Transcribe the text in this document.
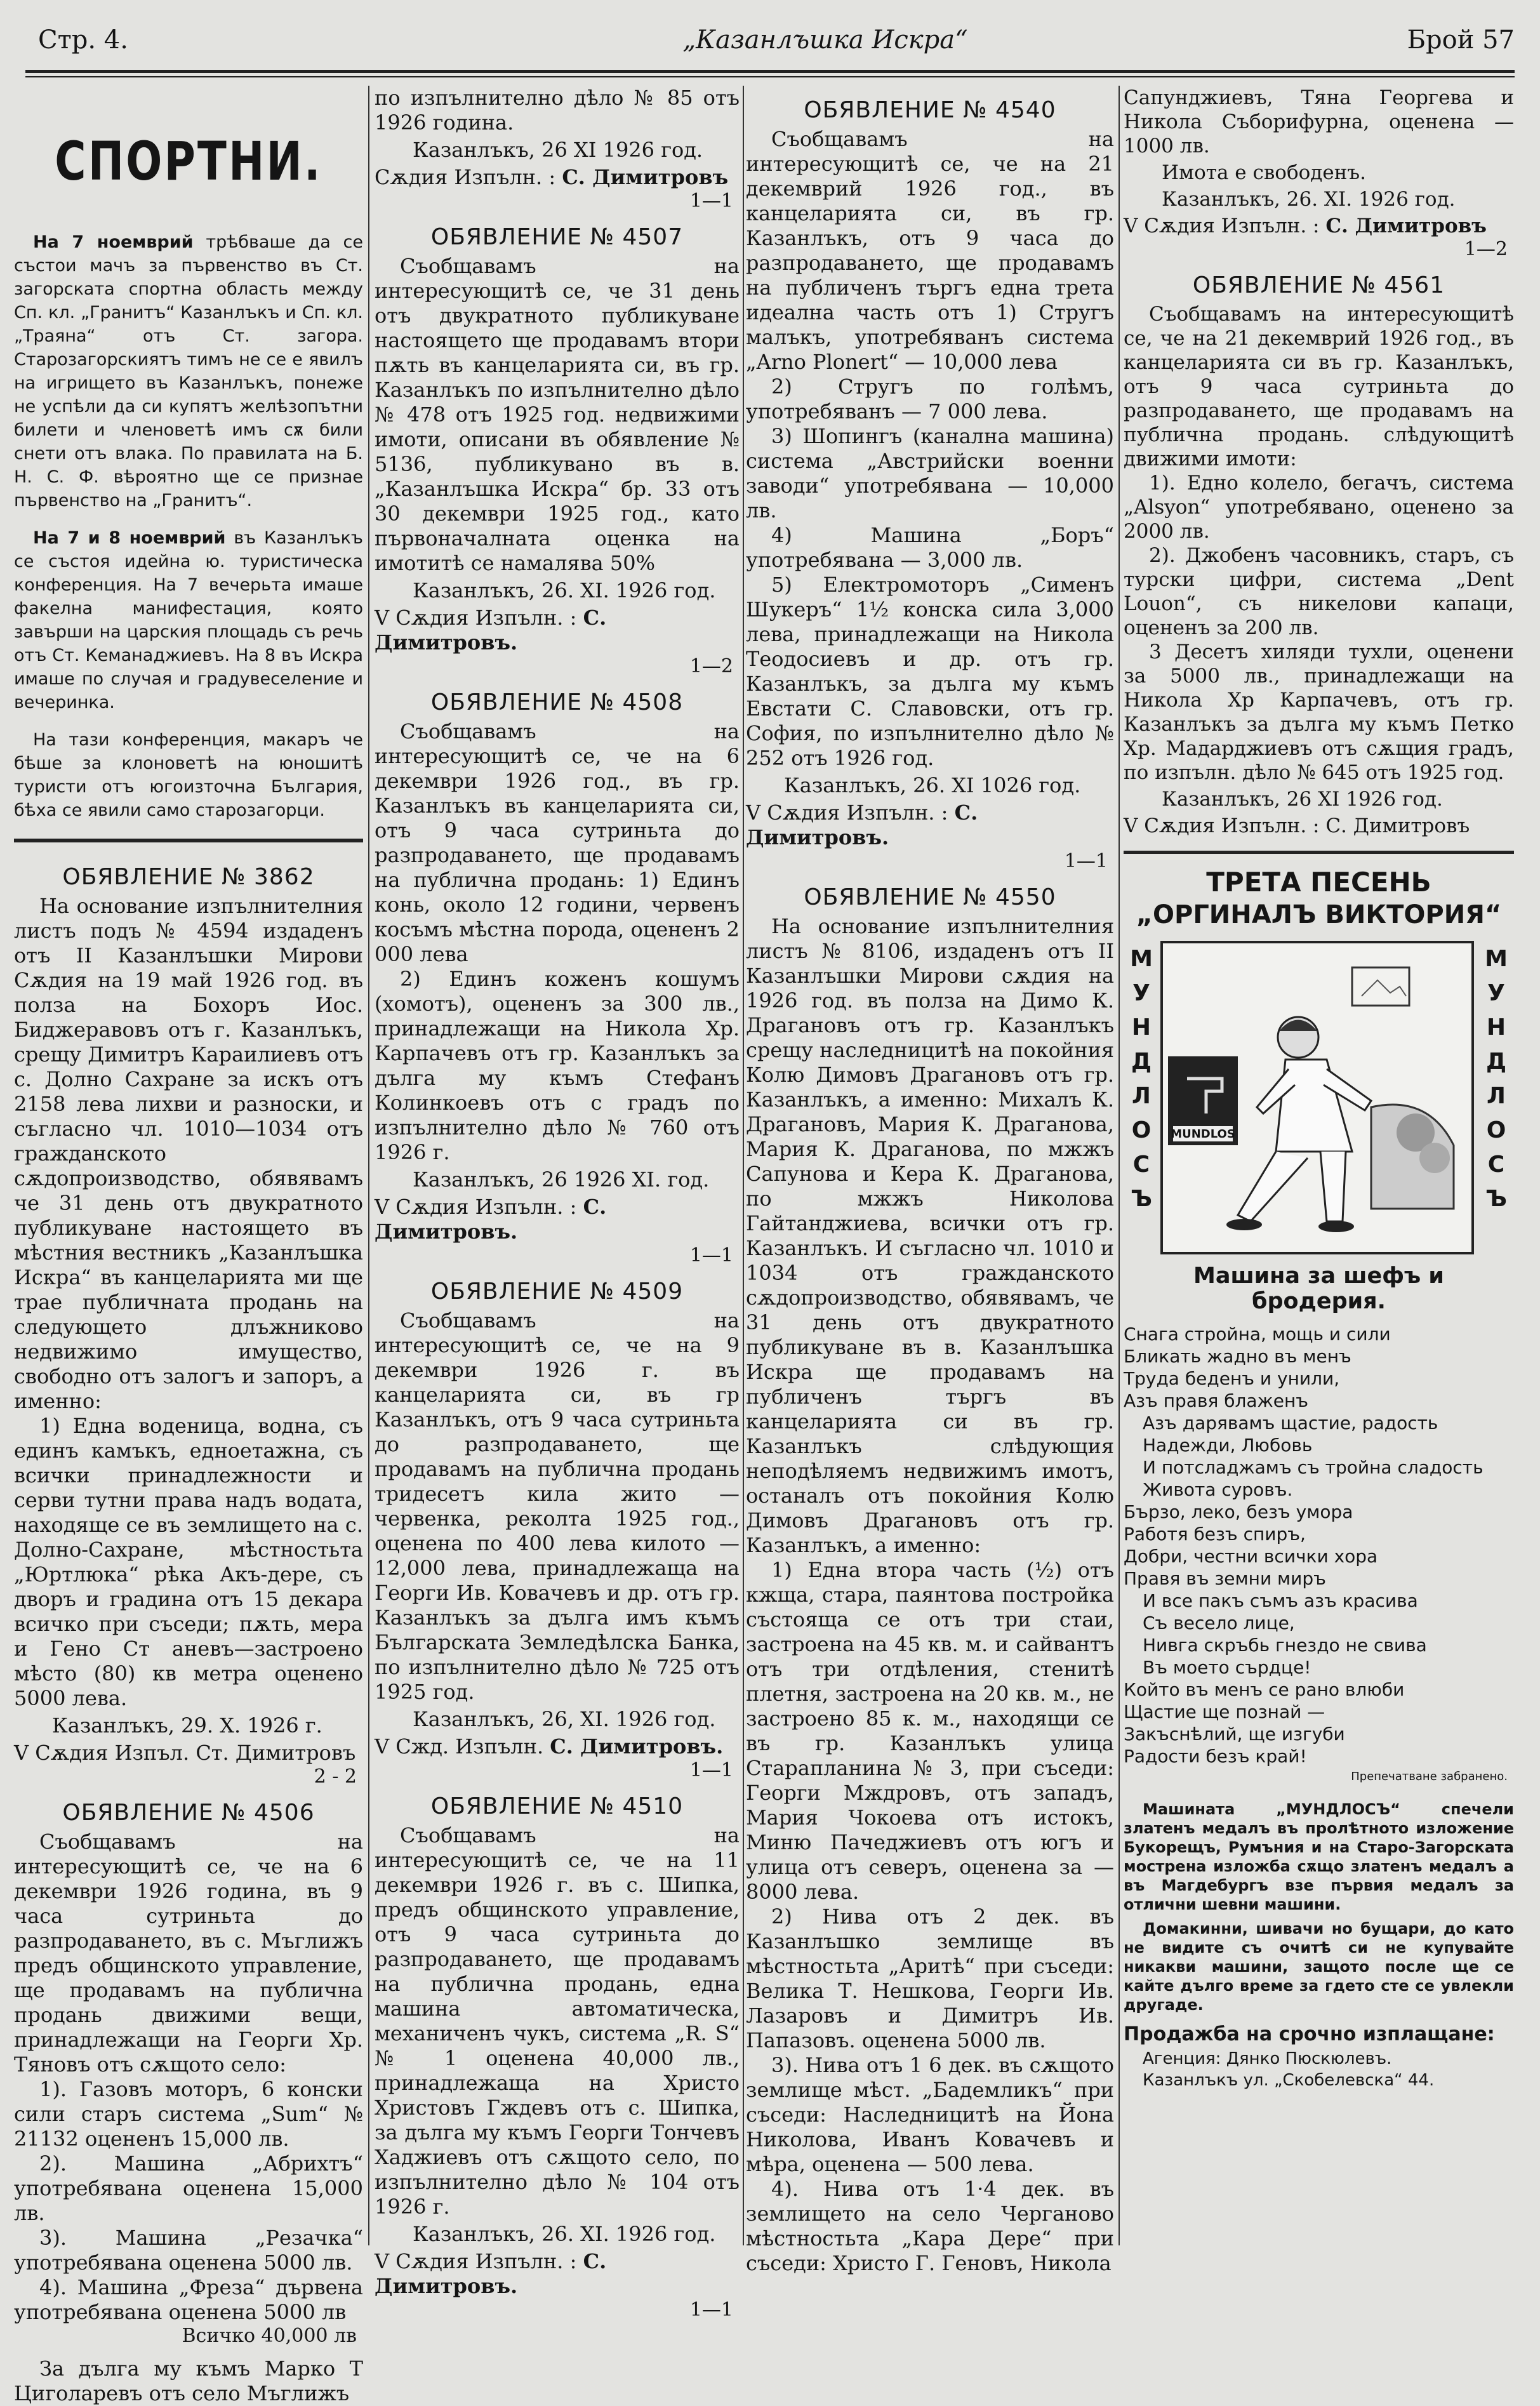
Стр. 4.	„Казанлъшка Искра“	Брой 57
СПОРТНИ.

На 7 ноемврий трѣбваше да се състои мачъ за първенство въ Ст. загорската спортна область между Сп. кл. „Гранитъ“ Казанлъкъ и Сп. кл. „Траяна“ отъ Ст. загора. Старозагорскиятъ тимъ не се е явилъ на игрището въ Казанлъкъ, понеже не успѣли да си купятъ желѣзопътни билети и членоветѣ имъ сѫ били снети отъ влака. По правилата на Б. Н. С. Ф. вѣроятно ще се признае първенство на „Гранитъ“.

На 7 и 8 ноемврий въ Казанлъкъ се състоя идейна ю. туристическа конференция. На 7 вечерьта имаше факелна манифестация, която завърши на царския площадь съ речь отъ Ст. Кеманаджиевъ. На 8 въ Искра имаше по случая и градувеселение и вечеринка.

На тази конференция, макаръ че бѣше за клоноветѣ на юношитѣ туристи отъ югоизточна България, бѣха се явили само старозагорци.

ОБЯВЛЕНИЕ № 3862

На основание изпълнителния листъ подъ № 4594 издаденъ отъ II Казанлъшки Мирови Сѫдия на 19 май 1926 год. въ полза на Бохоръ Иос. Биджеравовъ отъ г. Казанлъкъ, срещу Димитръ Карaилиевъ отъ с. Долно Сахране за искъ отъ 2158 лева лихви и разноски, и съгласно чл. 1010—1034 отъ гражданското сѫдопроизводство, обявявамъ че 31 день отъ двукратното публикуване настоящето въ мѣстния вестникъ „Казанлъшка Искра“ въ канцеларията ми ще трае публичната продань на следующето длъжниково недвижимо имущество, свободно отъ залогъ и запоръ, а именно:

1) Една воденица, водна, съ единъ камъкъ, едноетажна, съ всички принадлежности и серви тутни права надъ водата, находяще се въ землището на с. Долно-Сахране, мѣстностьта „Юртлюка“ рѣка Акъ-дере, съ дворъ и градина отъ 15 декара всичко при съседи; пѫть, мера и Гено Ст аневъ—застроено мѣсто (80) кв метра оценено 5000 лева.

Казанлъкъ, 29. Х. 1926 г.

V Сѫдия Изпъл. Ст. Димитровъ

2 - 2

ОБЯВЛЕНИЕ № 4506

Съобщавамъ на интересующитѣ се, че на 6 декември 1926 година, въ 9 часа сутриньта до разпродаването, въ с. Мъглижъ предъ общинското управление, ще продавамъ на публична продань движими вещи, принадлежащи на Георги Хр. Тяновъ отъ сѫщото село:

1). Газовъ моторъ, 6 конски сили старъ система „Sum“ № 21132 оцененъ 15,000 лв.

2). Машина „Абрихтъ“ употребявана оценена 15,000 лв.

3). Машина „Резачка“ употребявана оценена 5000 лв.

4). Машина „Фреза“ дървена употребявана оценена 5000 лв

Всичко 40,000 лв

За дълга му къмъ Марко Т Циголаревъ отъ село Мъглижъ

по изпълнително дѣло № 85 отъ 1926 година.

Казанлъкъ, 26 XI 1926 год.

Сѫдия Изпълн. : С. Димитровъ

1—1

ОБЯВЛЕНИЕ № 4507

Съобщавамъ на интересующитѣ се, че 31 день отъ двукратното публикуване настоящето ще продавамъ втори пѫть въ канцеларията си, въ гр. Казанлъкъ по изпълнително дѣло № 478 отъ 1925 год. недвижими имоти, описани въ обявление № 5136, публикувано въ в. „Казанлъшка Искра“ бр. 33 отъ 30 декември 1925 год., като първоначалната оценка на имотитѣ се намалява 50%

Казанлъкъ, 26. XI. 1926 год.

V Сѫдия Изпълн. : С. Димитровъ.

1—2

ОБЯВЛЕНИЕ № 4508

Съобщавамъ на интересующитѣ се, че на 6 декември 1926 год., въ гр. Казанлъкъ въ канцеларията си, отъ 9 часа сутриньта до разпродаването, ще продавамъ на публична продань: 1) Единъ конь, около 12 години, червенъ косъмъ мѣстна порода, оцененъ 2 000 лева

2) Единъ коженъ кошумъ (хомотъ), оцененъ за 300 лв., принадлежащи на Никола Хр. Карпачевъ отъ гр. Казанлъкъ за дълга му къмъ Стефанъ Колинкоевъ отъ с градъ по изпълнително дѣло № 760 отъ 1926 г.

Казанлъкъ, 26 1926 XI. год.

V Сѫдия Изпълн. : С. Димитровъ.

1—1

ОБЯВЛЕНИЕ № 4509

Съобщавамъ на интересующитѣ се, че на 9 декември 1926 г. въ канцеларията си, въ гр Казанлъкъ, отъ 9 часа сутриньта до разпродаването, ще продавамъ на публична продань тридесетъ кила жито — червенка, реколта 1925 год., оценена по 400 лева килото — 12,000 лева, принадлежаща на Георги Ив. Ковачевъ и др. отъ гр. Казанлъкъ за дълга имъ къмъ Българската Земледѣлска Банка, по изпълнително дѣло № 725 отъ 1925 год.

Казанлъкъ, 26, XI. 1926 год.

V Сжд. Изпълн. С. Димитровъ.

1—1

ОБЯВЛЕНИЕ № 4510

Съобщавамъ на интересующитѣ се, че на 11 декември 1926 г. въ с. Шипка, предъ общинското управление, отъ 9 часа сутриньта до разпродаването, ще продавамъ на публична продань, една машина автоматическа, механиченъ чукъ, система „R. S“ № 1 оценена 40,000 лв., принадлежаща на Христо Христовъ Гждевъ отъ с. Шипка, за дълга му къмъ Георги Тончевъ Хаджиевъ отъ сѫщото село, по изпълнително дѣло № 104 отъ 1926 г.

Казанлъкъ, 26. XI. 1926 год.

V Сѫдия Изпълн. : С. Димитровъ.

1—1

ОБЯВЛЕНИЕ № 4540

Съобщавамъ на интересующитѣ се, че на 21 декемврий 1926 год., въ канцеларията си, въ гр. Казанлъкъ, отъ 9 часа до разпродаването, ще продавамъ на публиченъ търгъ една трета идеална часть отъ 1) Стругъ малъкъ, употребяванъ система „Arno Plonert“ — 10,000 лева

2) Стругъ по голѣмъ, употребяванъ — 7 000 лева.

3) Шопингъ (канална машина) система „Австрийски военни заводи“ употребявана — 10,000 лв.

4) Машина „Боръ“ употребявана — 3,000 лв.

5) Електромоторъ „Сименъ Шукеръ“ 1½ конска сила 3,000 лева, принадлежащи на Никола Теодосиевъ и др. отъ гр. Казанлъкъ, за дълга му къмъ Евстати С. Славовски, отъ гр. София, по изпълнително дѣло № 252 отъ 1926 год.

Казанлъкъ, 26. XI 1026 год.

V Сѫдия Изпълн. : С. Димитровъ.

1—1

ОБЯВЛЕНИЕ № 4550

На основание изпълнителния листъ № 8106, издаденъ отъ II Казанлъшки Мирови сѫдия на 1926 год. въ полза на Димо К. Драгановъ отъ гр. Казанлъкъ срещу наследницитѣ на покойния Колю Димовъ Драгановъ отъ гр. Казанлъкъ, а именно: Михалъ К. Драгановъ, Мария К. Драганова, Мария К. Драганова, по мжжъ Сапунова и Кера К. Драганова, по мжжъ Николова Гайтанджиева, всички отъ гр. Казанлъкъ. И съгласно чл. 1010 и 1034 отъ гражданското сѫдопроизводство, обявявамъ, че 31 день отъ двукратното публикуване въ в. Казанлъшка Искра ще продавамъ на публиченъ търгъ въ канцеларията си въ гр. Казанлъкъ слѣдующия неподѣляемъ недвижимъ имотъ, останалъ отъ покойния Колю Димовъ Драгановъ отъ гр. Казанлъкъ, а именно:

1) Една втора часть (½) отъ кжща, стара, паянтова постройка състояща се отъ три стаи, застроена на 45 кв. м. и сайвантъ отъ три отдѣления, стенитѣ плетня, застроена на 20 кв. м., не застроено 85 к. м., находящи се въ гр. Казанлъкъ улица Старапланина № 3, при съседи: Георги Мждровъ, отъ западъ, Мария Чокоева отъ истокъ, Миню Пачеджиевъ отъ югъ и улица отъ северъ, оценена за — 8000 лева.

2) Нива отъ 2 дек. въ Казанлъшко землище въ мѣстностьта „Аритѣ“ при съседи: Велика Т. Нешкова, Георги Ив. Лазаровъ и Димитръ Ив. Папазовъ. оценена 5000 лв.

3). Нива отъ 1 6 дек. въ сѫщото землище мѣст. „Бадемликъ“ при съседи: Наследницитѣ на Йона Николова, Иванъ Ковачевъ и мѣра, оценена — 500 лева.

4). Нива отъ 1·4 дек. въ землището на село Черганово мѣстностьта „Кара Дере“ при съседи: Христо Г. Геновъ, Никола

Сапунджиевъ, Тяна Георгева и Никола Съборифурна, оценена — 1000 лв.

Имота е свободенъ.

Казанлъкъ, 26. XI. 1926 год.

V Сѫдия Изпълн. : С. Димитровъ

1—2

ОБЯВЛЕНИЕ № 4561

Съобщавамъ на интересующитѣ се, че на 21 декемврий 1926 год., въ канцеларията си въ гр. Казанлъкъ, отъ 9 часа сутриньта до разпродаването, ще продавамъ на публична продань. слѣдующитѣ движими имоти:

1). Едно колело, бегачъ, система „Alsyon“ употребявано, оценено за 2000 лв.

2). Джобенъ часовникъ, старъ, съ турски цифри, система „Dent Louon“, съ никелови капаци, оцененъ за 200 лв.

3 Десетъ хиляди тухли, оценени за 5000 лв., принадлежащи на Никола Хр Карпачевъ, отъ гр. Казанлъкъ за дълга му къмъ Петко Хр. Мадарджиевъ отъ сѫщия градъ, по изпълн. дѣло № 645 отъ 1925 год.

Казанлъкъ, 26 XI 1926 год.

V Сѫдия Изпълн. : С. Димитровъ

ТРЕТА ПЕСЕНЬ
„ОРГИНАЛЪ ВИКТОРИЯ“
М
У
Н
Д
Л
О
С
Ъ
М
У
Н
Д
Л
О
С
Ъ
MUNDLOS
Машина за шефъ и бродерия.

Снага стройна, мощь и сили

Бликать жадно въ менъ

Труда беденъ и унили,

Азъ правя блаженъ

Азъ дарявамъ щастие, радость

Надежди, Любовь

И потсладжамъ съ тройна сладость

Живота суровъ.

Бързо, леко, безъ умора

Работя безъ спиръ,

Добри, честни всички хора

Правя въ земни миръ

И все пакъ съмъ азъ красива

Съ весело лице,

Нивга скръбь гнездо не свива

Въ моето сърдце!

Който въ менъ се рано влюби

Щастие ще познай —

Закъснѣлий, ще изгуби

Радости безъ край!

Препечатване забранено.

Машината „МУНДЛОСЪ“ спечели златенъ медалъ въ пролѣтното изложение Букорещъ, Румъния и на Старо-Загорската мострена изложба сѫщо златенъ медалъ а въ Магдебургъ взе първия медалъ за отлични шевни машини.

Домакинни, шивачи но бущари, до като не видите съ очитѣ си не купувайте никакви машини, защото после ще се кайте дълго време за гдето сте се увлекли другаде.

Продажба на срочно изплащане:

Агенция: Дянко Пюскюлевъ.

Казанлъкъ ул. „Скобелевска“ 44.
